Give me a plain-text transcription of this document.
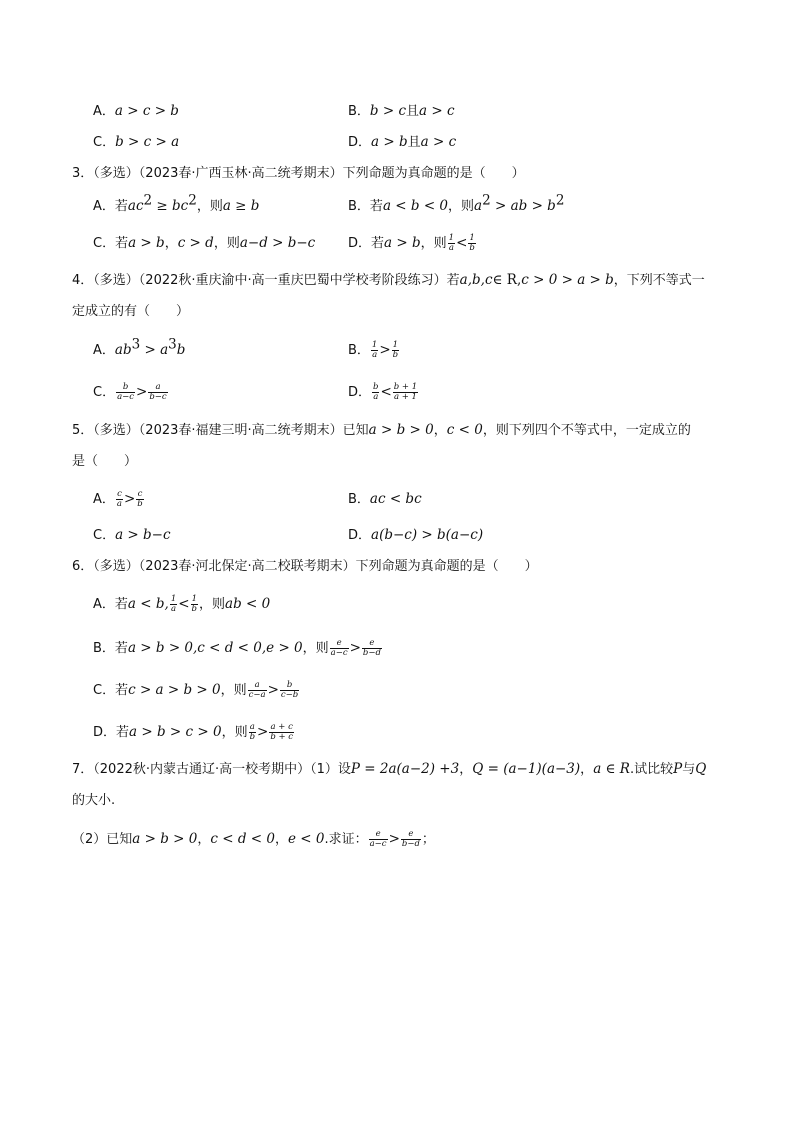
A．a > c > b	B．b > c且a > c
C．b > c > a	D．a > b且a > c
3．（多选）（2023春·广西玉林·高二统考期末）下列命题为真命题的是（　　）
A．若$ac^2 \ge bc^2$，则a ≥ b	B．若a < b < 0，则$a^2$ > ab > $b^2$
C．若a > b，c > d，则a−d > b−c	D．若a > b，则 $\frac{1}{a} < \frac{1}{b}$
4．（多选）（2022秋·重庆渝中·高一重庆巴蜀中学校考阶段练习）若a,b,c∈ R,c > 0 > a > b，下列不等式一
定成立的有（　　）
A．$ab^3 > a^3b$	B． $\frac{1}{a} > \frac{1}{b}$
C． $\frac{b}{a-c} > \frac{a}{b-c}$	D． $\frac{b}{a} < \frac{b + 1}{a + 1}$
5．（多选）（2023春·福建三明·高二统考期末）已知a > b > 0，c < 0，则下列四个不等式中，一定成立的
是（　　）
A． $\frac{c}{a} > \frac{c}{b}$	B．ac < bc
C．a > b−c	D．a(b−c) > b(a−c)
6．（多选）（2023春·河北保定·高二校联考期末）下列命题为真命题的是（　　）
A．若a < b, $\frac{1}{a} < \frac{1}{b}$ ，则ab < 0
B．若a > b > 0,c < d < 0,e > 0，则 $\frac{e}{a-c} > \frac{e}{b-d}$
C．若c > a > b > 0，则 $\frac{a}{c-a} > \frac{b}{c-b}$
D．若a > b > c > 0，则 $\frac{a}{b} > \frac{a + c}{b + c}$
7．（2022秋·内蒙古通辽·高一校考期中）（1）设P = 2a(a−2) +3，Q = (a−1)(a−3)，a ∈ R.试比较P与Q
的大小.
（2）已知a > b > 0，c < d < 0，e < 0.求证： $\frac{e}{a-c} > \frac{e}{b-d}$ ；
